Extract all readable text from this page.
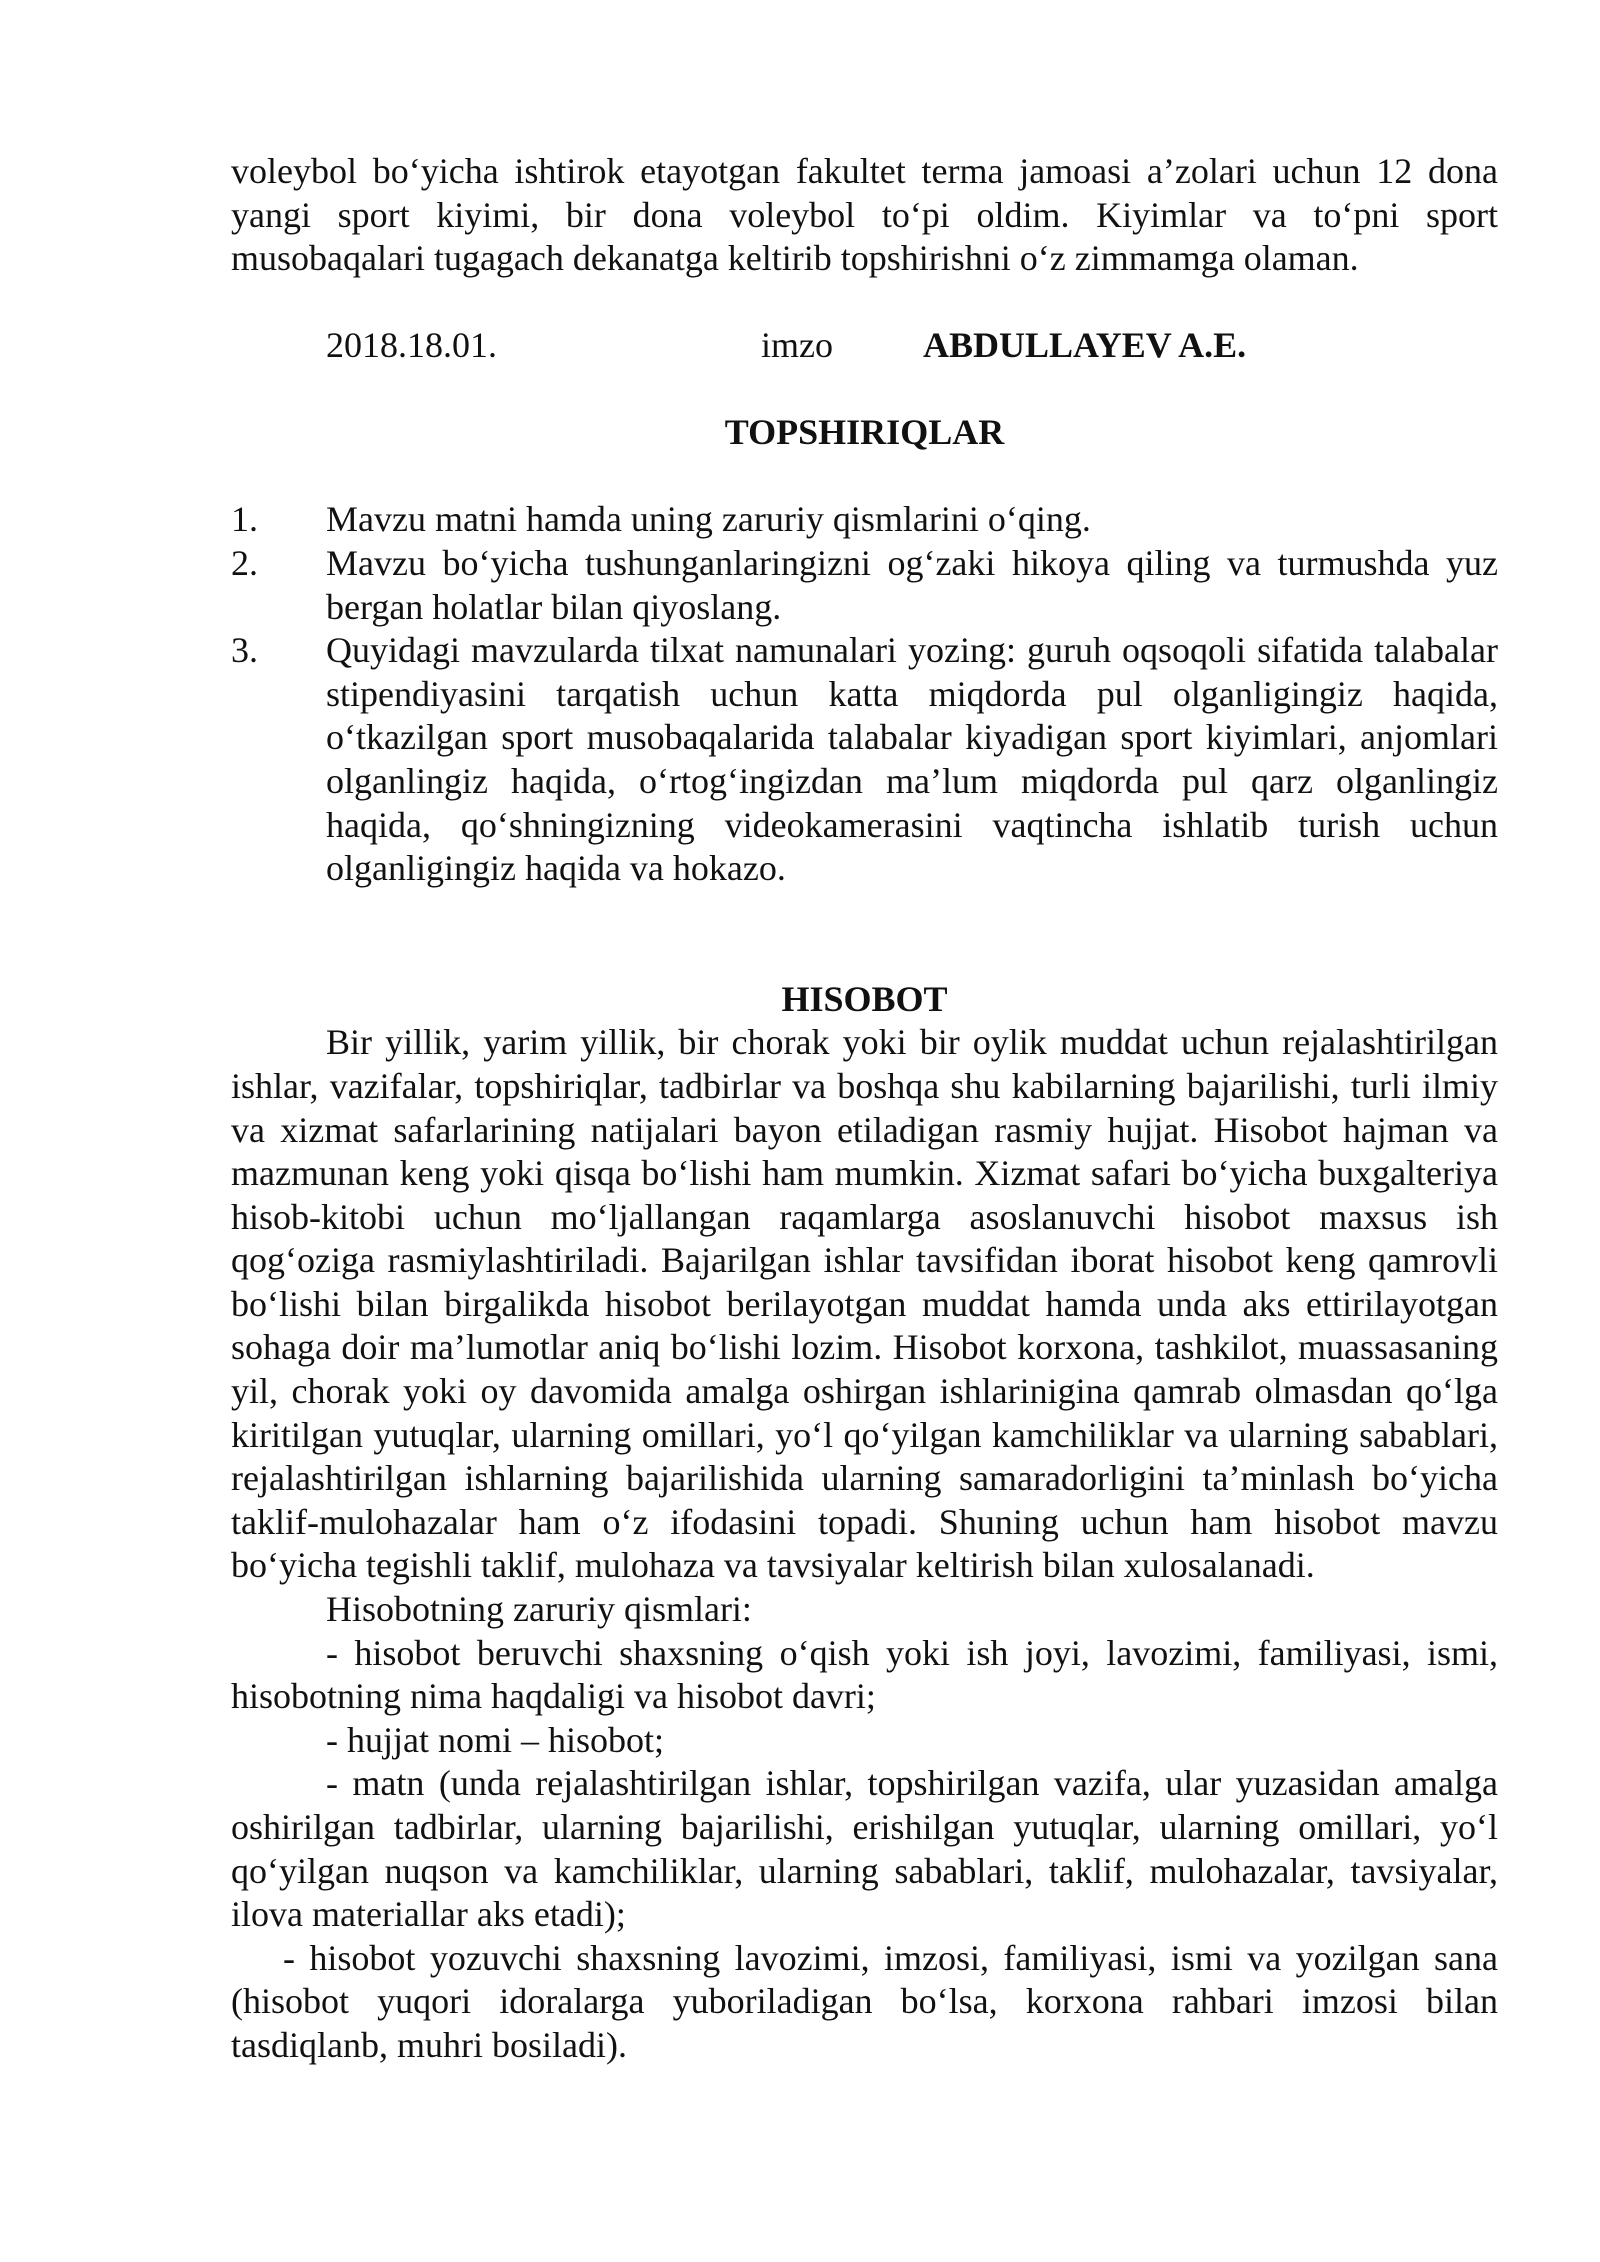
voleybol bo‘yicha ishtirok etayotgan fakultet terma jamoasi a’zolari uchun 12 dona yangi sport kiyimi, bir dona voleybol to‘pi oldim. Kiyimlar va to‘pni sport musobaqalari tugagach dekanatga keltirib topshirishni o‘z zimmamga olaman.

2018.18.01.	imzo	ABDULLAYEV A.E.

TOPSHIRIQLAR

1.	Mavzu matni hamda uning zaruriy qismlarini o‘qing.
2.	Mavzu bo‘yicha tushunganlaringizni og‘zaki hikoya qiling va turmushda yuz bergan holatlar bilan qiyoslang.
3.	Quyidagi mavzularda tilxat namunalari yozing: guruh oqsoqoli sifatida talabalar stipendiyasini tarqatish uchun katta miqdorda pul olganligingiz haqida, o‘tkazilgan sport musobaqalarida talabalar kiyadigan sport kiyimlari, anjomlari olganlingiz haqida, o‘rtog‘ingizdan ma’lum miqdorda pul qarz olganlingiz haqida, qo‘shningizning videokamerasini vaqtincha ishlatib turish uchun olganligingiz haqida va hokazo.

HISOBOT

Bir yillik, yarim yillik, bir chorak yoki bir oylik muddat uchun rejalashtirilgan ishlar, vazifalar, topshiriqlar, tadbirlar va boshqa shu kabilarning bajarilishi, turli ilmiy va xizmat safarlarining natijalari bayon etiladigan rasmiy hujjat. Hisobot hajman va mazmunan keng yoki qisqa bo‘lishi ham mumkin. Xizmat safari bo‘yicha buxgalteriya hisob-kitobi uchun mo‘ljallangan raqamlarga asoslanuvchi hisobot maxsus ish qog‘oziga rasmiylashtiriladi. Bajarilgan ishlar tavsifidan iborat hisobot keng qamrovli bo‘lishi bilan birgalikda hisobot berilayotgan muddat hamda unda aks ettirilayotgan sohaga doir ma’lumotlar aniq bo‘lishi lozim. Hisobot korxona, tashkilot, muassasaning yil, chorak yoki oy davomida amalga oshirgan ishlarinigina qamrab olmasdan qo‘lga kiritilgan yutuqlar, ularning omillari, yo‘l qo‘yilgan kamchiliklar va ularning sabablari, rejalashtirilgan ishlarning bajarilishida ularning samaradorligini ta’minlash bo‘yicha taklif-mulohazalar ham o‘z ifodasini topadi. Shuning uchun ham hisobot mavzu bo‘yicha tegishli taklif, mulohaza va tavsiyalar keltirish bilan xulosalanadi.

Hisobotning zaruriy qismlari:

- hisobot beruvchi shaxsning o‘qish yoki ish joyi, lavozimi, familiyasi, ismi, hisobotning nima haqdaligi va hisobot davri;

- hujjat nomi – hisobot;

- matn (unda rejalashtirilgan ishlar, topshirilgan vazifa, ular yuzasidan amalga oshirilgan tadbirlar, ularning bajarilishi, erishilgan yutuqlar, ularning omillari, yo‘l qo‘yilgan nuqson va kamchiliklar, ularning sabablari, taklif, mulohazalar, tavsiyalar, ilova materiallar aks etadi);

- hisobot yozuvchi shaxsning lavozimi, imzosi, familiyasi, ismi va yozilgan sana (hisobot yuqori idoralarga yuboriladigan bo‘lsa, korxona rahbari imzosi bilan tasdiqlanb, muhri bosiladi).
